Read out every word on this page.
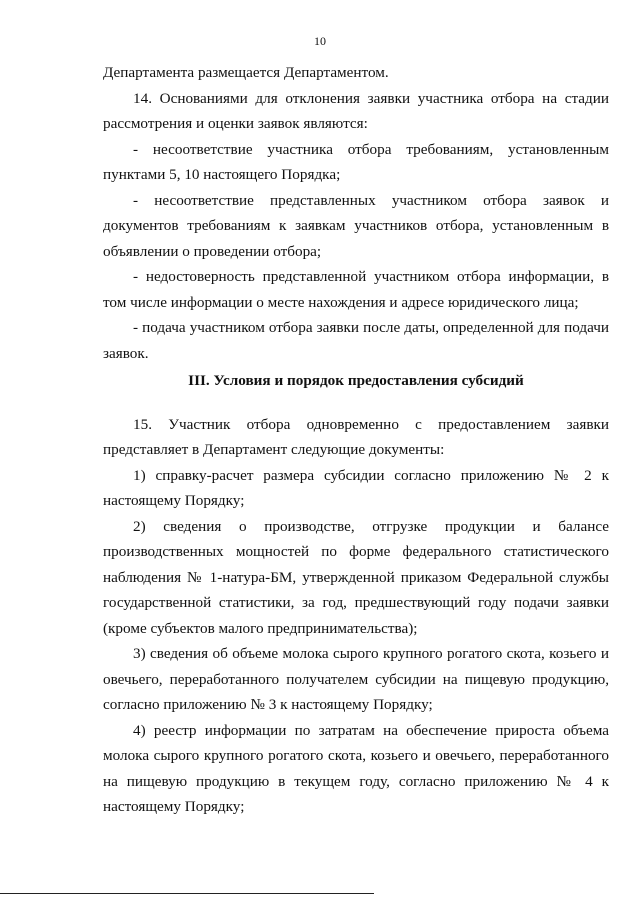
10

Департамента размещается Департаментом.

14. Основаниями для отклонения заявки участника отбора на стадии рассмотрения и оценки заявок являются:

- несоответствие участника отбора требованиям, установленным пунктами 5, 10 настоящего Порядка;

- несоответствие представленных участником отбора заявок и документов требованиям к заявкам участников отбора, установленным в объявлении о проведении отбора;

- недостоверность представленной участником отбора информации, в том числе информации о месте нахождения и адресе юридического лица;

- подача участником отбора заявки после даты, определенной для подачи заявок.

III. Условия и порядок предоставления субсидий

15. Участник отбора одновременно с предоставлением заявки представляет в Департамент следующие документы:

1) справку-расчет размера субсидии согласно приложению № 2 к настоящему Порядку;

2) сведения о производстве, отгрузке продукции и балансе производственных мощностей по форме федерального статистического наблюдения № 1-натура-БМ, утвержденной приказом Федеральной службы государственной статистики, за год, предшествующий году подачи заявки (кроме субъектов малого предпринимательства);

3) сведения об объеме молока сырого крупного рогатого скота, козьего и овечьего, переработанного получателем субсидии на пищевую продукцию, согласно приложению № 3 к настоящему Порядку;

4) реестр информации по затратам на обеспечение прироста объема молока сырого крупного рогатого скота, козьего и овечьего, переработанного на пищевую продукцию в текущем году, согласно приложению № 4 к настоящему Порядку;
